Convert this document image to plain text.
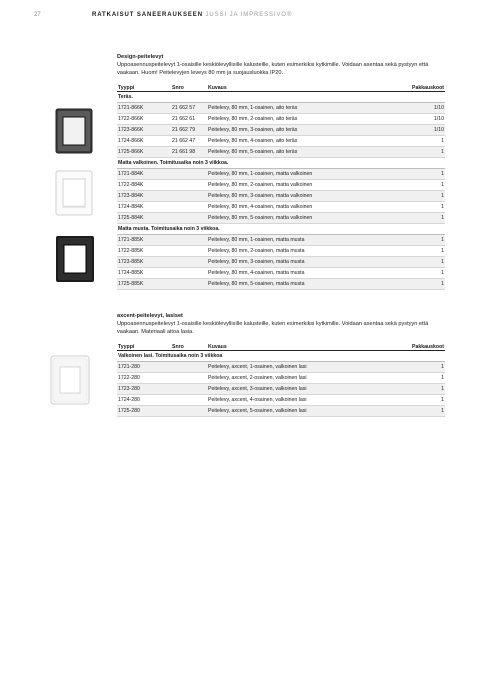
27	RATKAISUT SANEERAUKSEEN JUSSI JA IMPRESSIVO®
Design-peitelevyt
Uppoasennuspeitelevyt 1-osaisille keskiölevyllisille kalusteille, kuten esimerkiksi kytkimille. Voidaan asentaa sekä pystyyn että vaakaan. Huom! Peitelevyjen leveys 80 mm ja suojausluokka IP20.
Tyyppi	Snro	Kuvaus	Pakkauskoot
Teräs.			
1721-866K	21 662 57	Peitelevy, 80 mm, 1-osainen, aito teräs	1/10
1722-866K	21 662 61	Peitelevy, 80 mm, 2-osainen, aito teräs	1/10
1723-866K	21 662 79	Peitelevy, 80 mm, 3-osainen, aito teräs	1/10
1724-866K	21 662 47	Peitelevy, 80 mm, 4-osainen, aito teräs	1
1725-866K	21 661 98	Peitelevy, 80 mm, 5-osainen, aito teräs	1
Matta valkoinen. Toimitusaika noin 3 viikkoa.			
1721-884K		Peitelevy, 80 mm, 1-osainen, matta valkoinen	1
1722-884K		Peitelevy, 80 mm, 2-osainen, matta valkoinen	1
1723-884K		Peitelevy, 80 mm, 3-osainen, matta valkoinen	1
1724-884K		Peitelevy, 80 mm, 4-osainen, matta valkoinen	1
1725-884K		Peitelevy, 80 mm, 5-osainen, matta valkoinen	1
Matta musta. Toimitusaika noin 3 viikkoa.			
1721-885K		Peitelevy, 80 mm, 1-osainen, matta musta	1
1722-885K		Peitelevy, 80 mm, 2-osainen, matta musta	1
1723-885K		Peitelevy, 80 mm, 3-osainen, matta musta	1
1724-885K		Peitelevy, 80 mm, 4-osainen, matta musta	1
1725-885K		Peitelevy, 80 mm, 5-osainen, matta musta	1
axcent-peitelevyt, lasiset
Uppoasennuspeitelevyt 1-osaisille keskiölevyllisille kalusteille, kuten esimerkiksi kytkimille. Voidaan asentaa sekä pystyyn että vaakaan. Materiaali aitoa lasia.
Tyyppi	Snro	Kuvaus	Pakkauskoot
Valkoinen lasi. Toimitusaika noin 3 viikkoa			
1721-280		Peitelevy, axcent, 1-osainen, valkoinen lasi	1
1722-280		Peitelevy, axcent, 2-osainen, valkoinen lasi	1
1723-280		Peitelevy, axcent, 3-osainen, valkoinen lasi	1
1724-280		Peitelevy, axcent, 4-osainen, valkoinen lasi	1
1725-280		Peitelevy, axcent, 5-osainen, valkoinen lasi	1
